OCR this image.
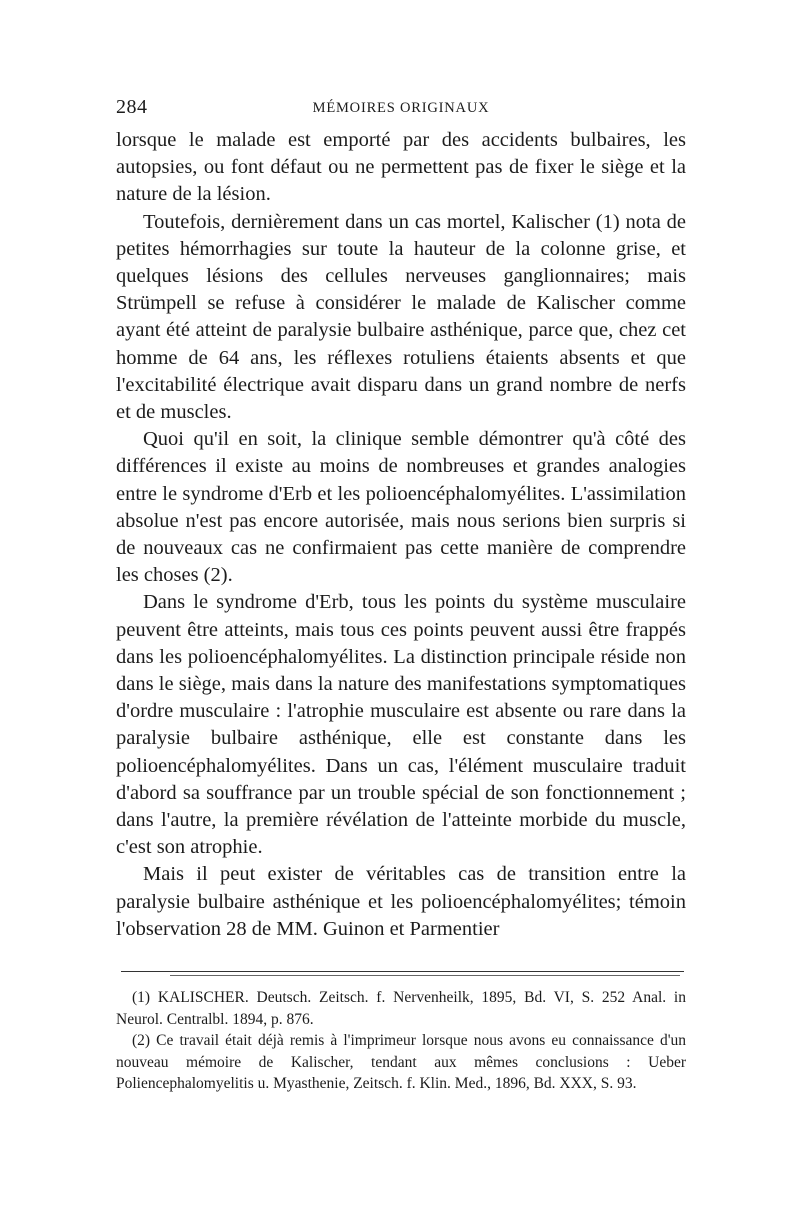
284	MÉMOIRES ORIGINAUX

lorsque le malade est emporté par des accidents bulbaires, les autopsies, ou font défaut ou ne permettent pas de fixer le siège et la nature de la lésion.

Toutefois, dernièrement dans un cas mortel, Kalischer (1) nota de petites hémorrhagies sur toute la hauteur de la colonne grise, et quelques lésions des cellules nerveuses ganglionnaires; mais Strümpell se refuse à considérer le malade de Kalischer comme ayant été atteint de paralysie bulbaire asthénique, parce que, chez cet homme de 64 ans, les réflexes rotuliens étaients absents et que l'excitabilité électrique avait disparu dans un grand nombre de nerfs et de muscles.

Quoi qu'il en soit, la clinique semble démontrer qu'à côté des différences il existe au moins de nombreuses et grandes analogies entre le syndrome d'Erb et les polioencéphalomyélites. L'assimilation absolue n'est pas encore autorisée, mais nous serions bien surpris si de nouveaux cas ne confirmaient pas cette manière de comprendre les choses (2).

Dans le syndrome d'Erb, tous les points du système musculaire peuvent être atteints, mais tous ces points peuvent aussi être frappés dans les polioencéphalomyélites. La distinction principale réside non dans le siège, mais dans la nature des manifestations symptomatiques d'ordre musculaire : l'atrophie musculaire est absente ou rare dans la paralysie bulbaire asthénique, elle est constante dans les polioencéphalomyélites. Dans un cas, l'élément musculaire traduit d'abord sa souffrance par un trouble spécial de son fonctionnement ; dans l'autre, la première révélation de l'atteinte morbide du muscle, c'est son atrophie.

Mais il peut exister de véritables cas de transition entre la paralysie bulbaire asthénique et les polioencéphalomyélites; témoin l'observation 28 de MM. Guinon et Parmentier

(1) KALISCHER. Deutsch. Zeitsch. f. Nervenheilk, 1895, Bd. VI, S. 252 Anal. in Neurol. Centralbl. 1894, p. 876.

(2) Ce travail était déjà remis à l'imprimeur lorsque nous avons eu connaissance d'un nouveau mémoire de Kalischer, tendant aux mêmes conclusions : Ueber Poliencephalomyelitis u. Myasthenie, Zeitsch. f. Klin. Med., 1896, Bd. XXX, S. 93.
